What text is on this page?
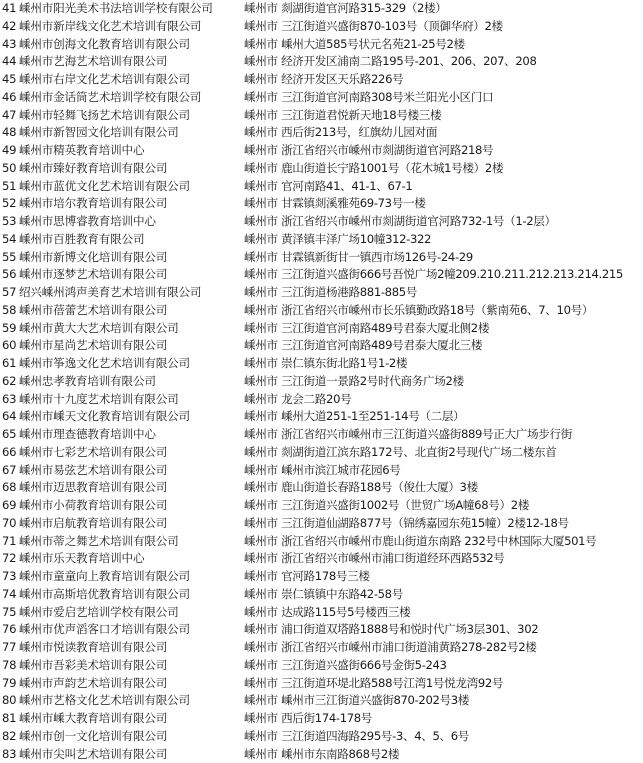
41 嵊州市阳光美术书法培训学校有限公司	嵊州市 剡湖街道官河路315-329（2楼）
42 嵊州市新岸线文化艺术培训有限公司	嵊州市 三江街道兴盛街870-103号（顶御华府）2楼
43 嵊州市创海文化教育培训有限公司	嵊州市 嵊州大道585号状元名苑21-25号2楼
44 嵊州市艺海艺术培训有限公司	嵊州市 经济开发区浦南二路195号-201、206、207、208
45 嵊州市右岸文化艺术培训有限公司	嵊州市 经济开发区天乐路226号
46 嵊州市金话筒艺术培训学校有限公司	嵊州市 三江街道官河南路308号米兰阳光小区门口
47 嵊州市轻舞飞扬艺术培训有限公司	嵊州市 三江街道君悦新天地18号楼三楼
48 嵊州市新智园文化培训有限公司	嵊州市 西后街213号，红旗幼儿园对面
49 嵊州市精英教育培训中心	嵊州市 浙江省绍兴市嵊州市剡湖街道官河路218号
50 嵊州市臻好教育培训有限公司	嵊州市 鹿山街道长宁路1001号（花木城1号楼）2楼
51 嵊州市蓝优文化艺术培训有限公司	嵊州市 官河南路41、41-1、67-1
52 嵊州市培尔教育培训有限公司	嵊州市 甘霖镇剡溪雅苑69-73号一楼
53 嵊州市思博睿教育培训中心	嵊州市 浙江省绍兴市嵊州市剡湖街道官河路732-1号（1-2层）
54 嵊州市百胜教育有限公司	嵊州市 黄泽镇丰泽广场10幢312-322
55 嵊州市新博文化培训有限公司	嵊州市 甘霖镇新街甘一镇西市场126号-24-29
56 嵊州市逐梦艺术培训有限公司	嵊州市 三江街道兴盛街666号吾悦广场2幢209.210.211.212.213.214.215
57 绍兴嵊州鸿声美育艺术培训有限公司	嵊州市 三江街道杨港路881-885号
58 嵊州市蓓蕾艺术培训有限公司	嵊州市 浙江省绍兴市嵊州市长乐镇勤政路18号（紫南苑6、7、10号）
59 嵊州市黄大大艺术培训有限公司	嵊州市 三江街道官河南路489号君泰大厦北侧2楼
60 嵊州市星尚艺术培训有限公司	嵊州市 三江街道官河南路489号君泰大厦北三楼
61 嵊州市筝逸文化艺术培训有限公司	嵊州市 崇仁镇东街北路1号1-2楼
62 嵊州忠孝教育培训有限公司	嵊州市 三江街道一景路2号时代商务广场2楼
63 嵊州市十九度艺术培训有限公司	嵊州市 龙会二路20号
64 嵊州市嵊天文化教育培训有限公司	嵊州市 嵊州大道251-1至251-14号（二层）
65 嵊州市理查德教育培训中心	嵊州市 浙江省绍兴市嵊州市三江街道兴盛街889号正大广场步行街
66 嵊州市七彩艺术培训有限公司	嵊州市 剡湖街道江滨东路172号、北直街2号现代广场二楼东首
67 嵊州市易弦艺术培训有限公司	嵊州市 嵊州市滨江城市花园6号
68 嵊州市迈思教育培训有限公司	嵊州市 鹿山街道长春路188号（俊仕大厦）3楼
69 嵊州市小荷教育培训有限公司	嵊州市 三江街道兴盛街1002号（世贸广场A幢68号）2楼
70 嵊州市启航教育培训有限公司	嵊州市 三江街道仙湖路877号（锦绣嘉园东苑15幢）2楼12-18号
71 嵊州市蒂之舞艺术培训有限公司	嵊州市 浙江省绍兴市嵊州市鹿山街道东南路 232号中林国际大厦501号
72 嵊州市乐天教育培训中心	嵊州市 浙江省绍兴市嵊州市浦口街道经环西路532号
73 嵊州市童童向上教育培训有限公司	嵊州市 官河路178号三楼
74 嵊州市高斯培优教育培训有限公司	嵊州市 崇仁镇镇中东路42-58号
75 嵊州市爱启艺培训学校有限公司	嵊州市 达成路115号5号楼西三楼
76 嵊州市优声滔客口才培训有限公司	嵊州市 浦口街道双塔路1888号和悦时代广场3层301、302
77 嵊州市悦读教育培训有限公司	嵊州市 浙江省绍兴市嵊州市浦口街道浦黄路278-282号2楼
78 嵊州市吾彩美术培训有限公司	嵊州市 三江街道兴盛街666号金街5-243
79 嵊州市声韵艺术培训有限公司	嵊州市 三江街道环堤北路588号江湾1号悦龙湾92号
80 嵊州市艺格文化艺术培训有限公司	嵊州市 嵊州市三江街道兴盛街870-202号3楼
81 嵊州市嵊大教育培训有限公司	嵊州市 西后街174-178号
82 嵊州市创一文化培训有限公司	嵊州市 三江街道四海路295号-3、4、5、6号
83 嵊州市尖叫艺术培训有限公司	嵊州市 嵊州市东南路868号2楼
